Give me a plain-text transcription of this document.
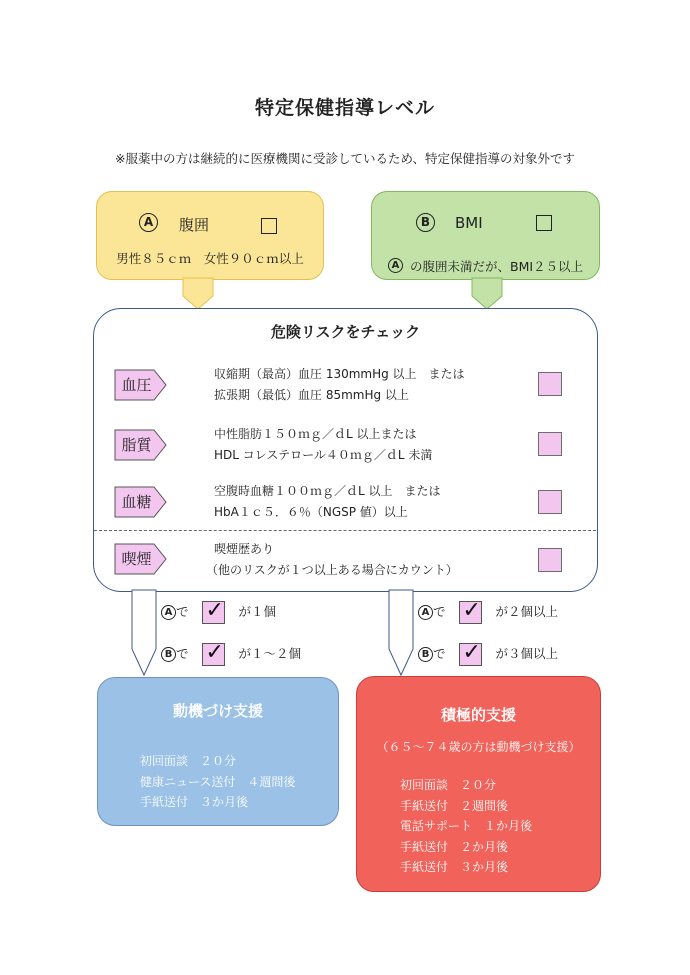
特定保健指導レベル
※服薬中の方は継続的に医療機関に受診しているため、特定保健指導の対象外です
A	腹囲
男性８５ｃｍ　女性９０ｃｍ以上
B	BMI
A の腹囲未満だが、BMI２５以上
危険リスクをチェック
血圧
収縮期（最高）血圧 130mmHg 以上　または
拡張期（最低）血圧 85mmHg 以上
脂質
中性脂肪１５０ｍｇ／ｄL 以上または
HDL コレステロール４０ｍｇ／ｄL 未満
血糖
空腹時血糖１００ｍｇ／ｄL 以上　または
HbA１ｃ５．６％（NGSP 値）以上
喫煙
喫煙歴あり
（他のリスクが１つ以上ある場合にカウント）
A で ✓ が１個
B で ✓ が１～２個
A で ✓ が２個以上
B で ✓ が３個以上
動機づけ支援
初回面談　２０分
健康ニュース送付　４週間後
手紙送付　３か月後
積極的支援
（６５～７４歳の方は動機づけ支援）
初回面談　２０分
手紙送付　２週間後
電話サポート　１か月後
手紙送付　２か月後
手紙送付　３か月後
